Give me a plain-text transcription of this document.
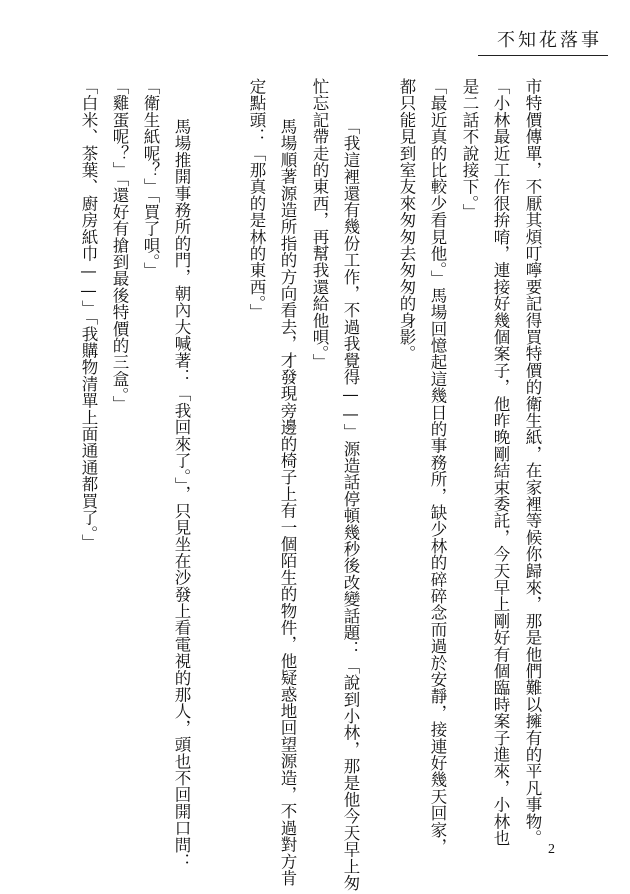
不知花落事
市特價傳單，不厭其煩叮嚀要記得買特價的衛生紙，在家裡等候你歸來，那是他們難以擁有的平凡事物。
「小林最近工作很拚唷，連接好幾個案子，他昨晚剛結束委託，今天早上剛好有個臨時案子進來，小林也
是二話不說接下。」
「最近真的比較少看見他。」馬場回憶起這幾日的事務所，缺少林的碎碎念而過於安靜，接連好幾天回家，
都只能見到室友來匆匆去匆匆的身影。
「我這裡還有幾份工作，不過我覺得——」源造話停頓幾秒後改變話題：「說到小林，那是他今天早上匆
忙忘記帶走的東西，再幫我還給他唄。」
馬場順著源造所指的方向看去，才發現旁邊的椅子上有一個陌生的物件，他疑惑地回望源造，不過對方肯
定點頭：「那真的是林的東西。」
馬場推開事務所的門，朝內大喊著：「我回來了。」，只見坐在沙發上看電視的那人，頭也不回開口問：
「衛生紙呢？」「買了唄。」
「雞蛋呢？」「還好有搶到最後特價的三盒。」
「白米、茶葉、廚房紙巾——」「我購物清單上面通通都買了。」
2
